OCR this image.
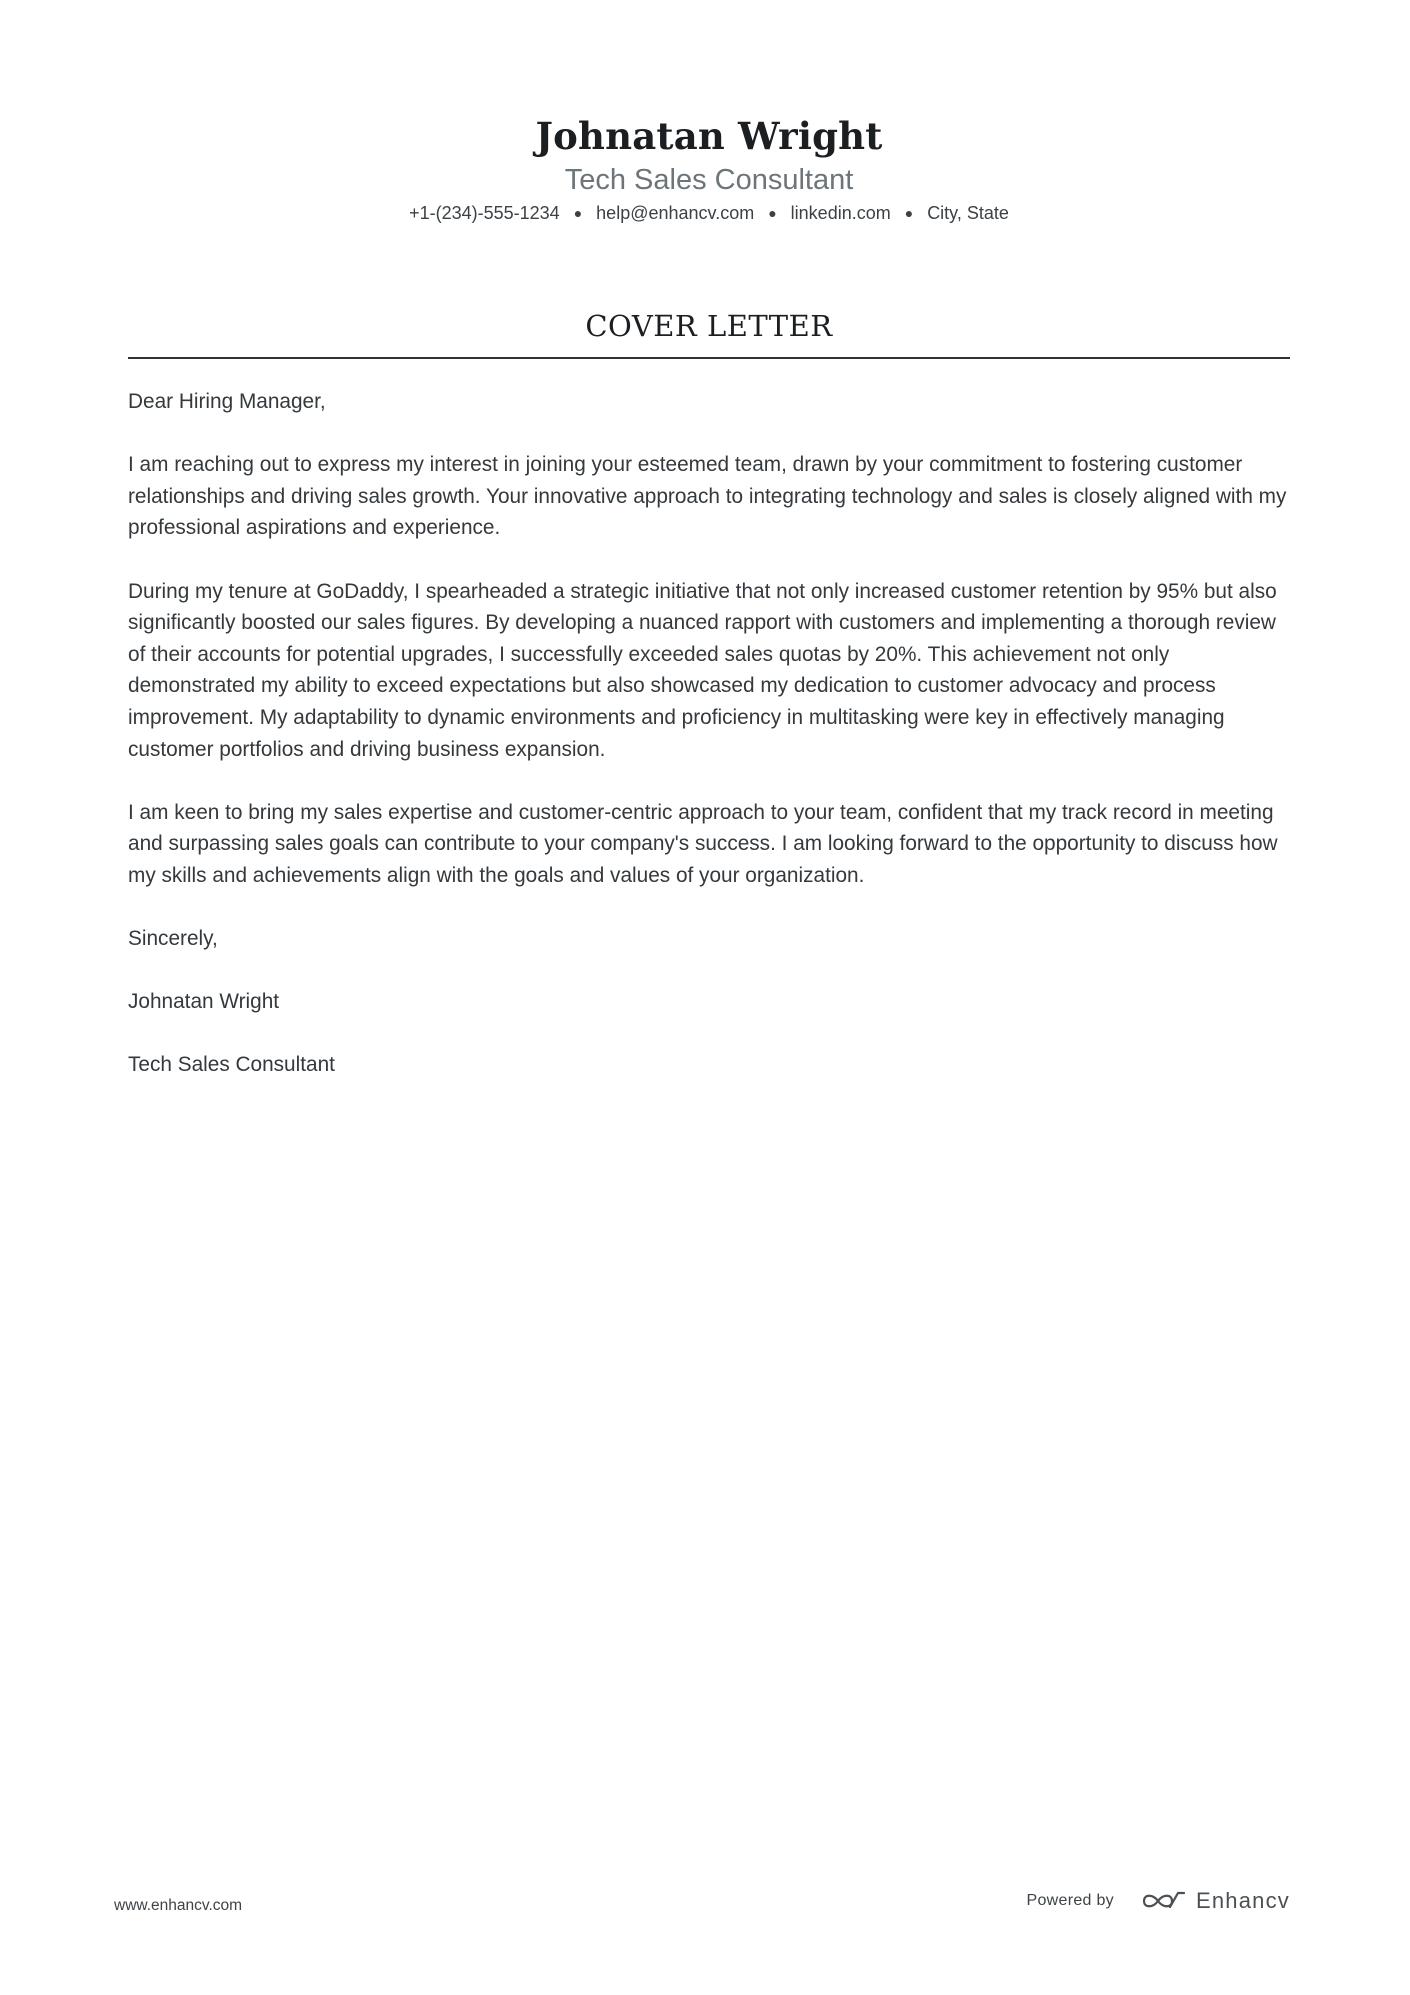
Johnatan Wright
Tech Sales Consultant
+1-(234)-555-1234 ● help@enhancv.com ● linkedin.com ● City, State
COVER LETTER

Dear Hiring Manager,

I am reaching out to express my interest in joining your esteemed team, drawn by your commitment to fostering customer relationships and driving sales growth. Your innovative approach to integrating technology and sales is closely aligned with my professional aspirations and experience.

During my tenure at GoDaddy, I spearheaded a strategic initiative that not only increased customer retention by 95% but also significantly boosted our sales figures. By developing a nuanced rapport with customers and implementing a thorough review of their accounts for potential upgrades, I successfully exceeded sales quotas by 20%. This achievement not only demonstrated my ability to exceed expectations but also showcased my dedication to customer advocacy and process improvement. My adaptability to dynamic environments and proficiency in multitasking were key in effectively managing customer portfolios and driving business expansion.

I am keen to bring my sales expertise and customer-centric approach to your team, confident that my track record in meeting and surpassing sales goals can contribute to your company's success. I am looking forward to the opportunity to discuss how my skills and achievements align with the goals and values of your organization.

Sincerely,

Johnatan Wright

Tech Sales Consultant

www.enhancv.com	Powered by	Enhancv
